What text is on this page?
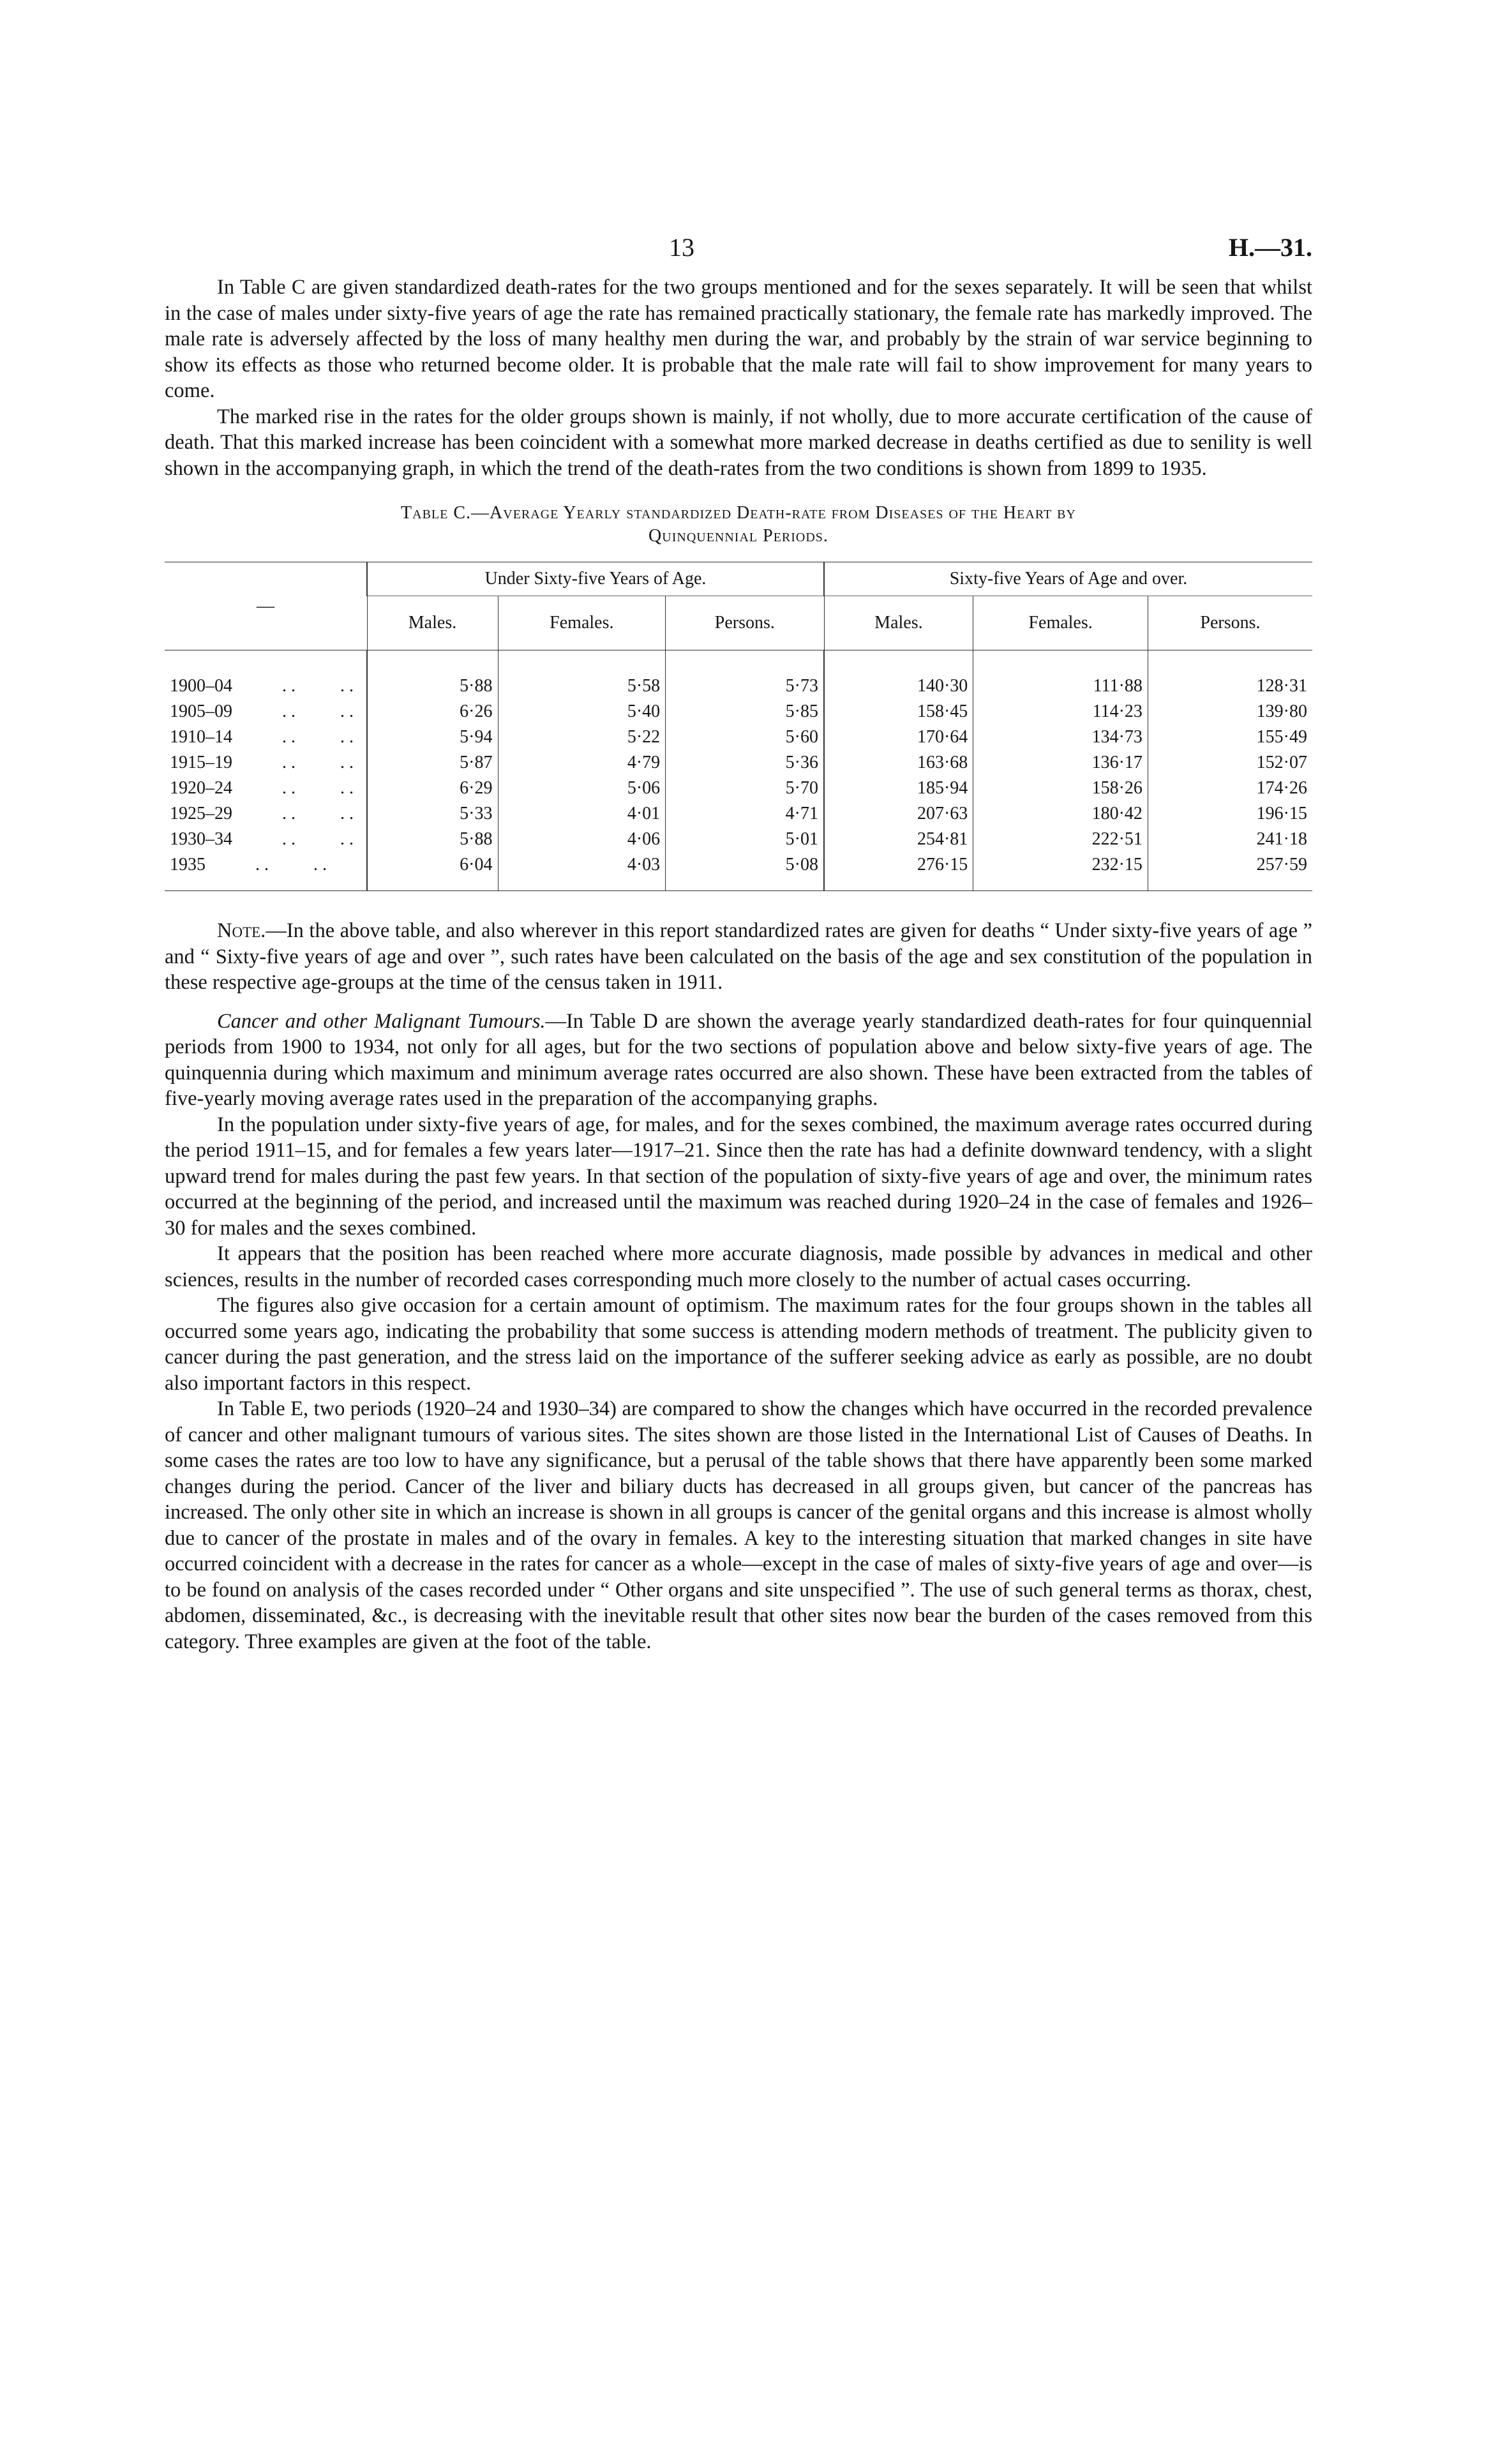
13	H.—31.

In Table C are given standardized death-rates for the two groups mentioned and for the sexes separately. It will be seen that whilst in the case of males under sixty-five years of age the rate has remained practically stationary, the female rate has markedly improved. The male rate is adversely affected by the loss of many healthy men during the war, and probably by the strain of war service beginning to show its effects as those who returned become older. It is probable that the male rate will fail to show improvement for many years to come.

The marked rise in the rates for the older groups shown is mainly, if not wholly, due to more accurate certification of the cause of death. That this marked increase has been coincident with a somewhat more marked decrease in deaths certified as due to senility is well shown in the accompanying graph, in which the trend of the death-rates from the two conditions is shown from 1899 to 1935.

Table C.—Average Yearly standardized Death-rate from Diseases of the Heart by
Quinquennial Periods.
—	Under Sixty-five Years of Age.			Sixty-five Years of Age and over.		
	Males.	Females.	Persons.	Males.	Females.	Persons.
1900–04 . .          . .	5·88	5·58	5·73	140·30	111·88	128·31
1905–09 . .          . .	6·26	5·40	5·85	158·45	114·23	139·80
1910–14 . .          . .	5·94	5·22	5·60	170·64	134·73	155·49
1915–19 . .          . .	5·87	4·79	5·36	163·68	136·17	152·07
1920–24 . .          . .	6·29	5·06	5·70	185·94	158·26	174·26
1925–29 . .          . .	5·33	4·01	4·71	207·63	180·42	196·15
1930–34 . .          . .	5·88	4·06	5·01	254·81	222·51	241·18
1935 . .          . .	6·04	4·03	5·08	276·15	232·15	257·59

Note.—In the above table, and also wherever in this report standardized rates are given for deaths “ Under sixty-five years of age ” and “ Sixty-five years of age and over ”, such rates have been calculated on the basis of the age and sex constitution of the population in these respective age-groups at the time of the census taken in 1911.

Cancer and other Malignant Tumours.—In Table D are shown the average yearly standardized death-rates for four quinquennial periods from 1900 to 1934, not only for all ages, but for the two sections of population above and below sixty-five years of age. The quinquennia during which maximum and minimum average rates occurred are also shown. These have been extracted from the tables of five-yearly moving average rates used in the preparation of the accompanying graphs.

In the population under sixty-five years of age, for males, and for the sexes combined, the maximum average rates occurred during the period 1911–15, and for females a few years later—1917–21. Since then the rate has had a definite downward tendency, with a slight upward trend for males during the past few years. In that section of the population of sixty-five years of age and over, the minimum rates occurred at the beginning of the period, and increased until the maximum was reached during 1920–24 in the case of females and 1926–30 for males and the sexes combined.

It appears that the position has been reached where more accurate diagnosis, made possible by advances in medical and other sciences, results in the number of recorded cases corresponding much more closely to the number of actual cases occurring.

The figures also give occasion for a certain amount of optimism. The maximum rates for the four groups shown in the tables all occurred some years ago, indicating the probability that some success is attending modern methods of treatment. The publicity given to cancer during the past generation, and the stress laid on the importance of the sufferer seeking advice as early as possible, are no doubt also important factors in this respect.

In Table E, two periods (1920–24 and 1930–34) are compared to show the changes which have occurred in the recorded prevalence of cancer and other malignant tumours of various sites. The sites shown are those listed in the International List of Causes of Deaths. In some cases the rates are too low to have any significance, but a perusal of the table shows that there have apparently been some marked changes during the period. Cancer of the liver and biliary ducts has decreased in all groups given, but cancer of the pancreas has increased. The only other site in which an increase is shown in all groups is cancer of the genital organs and this increase is almost wholly due to cancer of the prostate in males and of the ovary in females. A key to the interesting situation that marked changes in site have occurred coincident with a decrease in the rates for cancer as a whole—except in the case of males of sixty-five years of age and over—is to be found on analysis of the cases recorded under “ Other organs and site unspecified ”. The use of such general terms as thorax, chest, abdomen, disseminated, &c., is decreasing with the inevitable result that other sites now bear the burden of the cases removed from this category. Three examples are given at the foot of the table.
